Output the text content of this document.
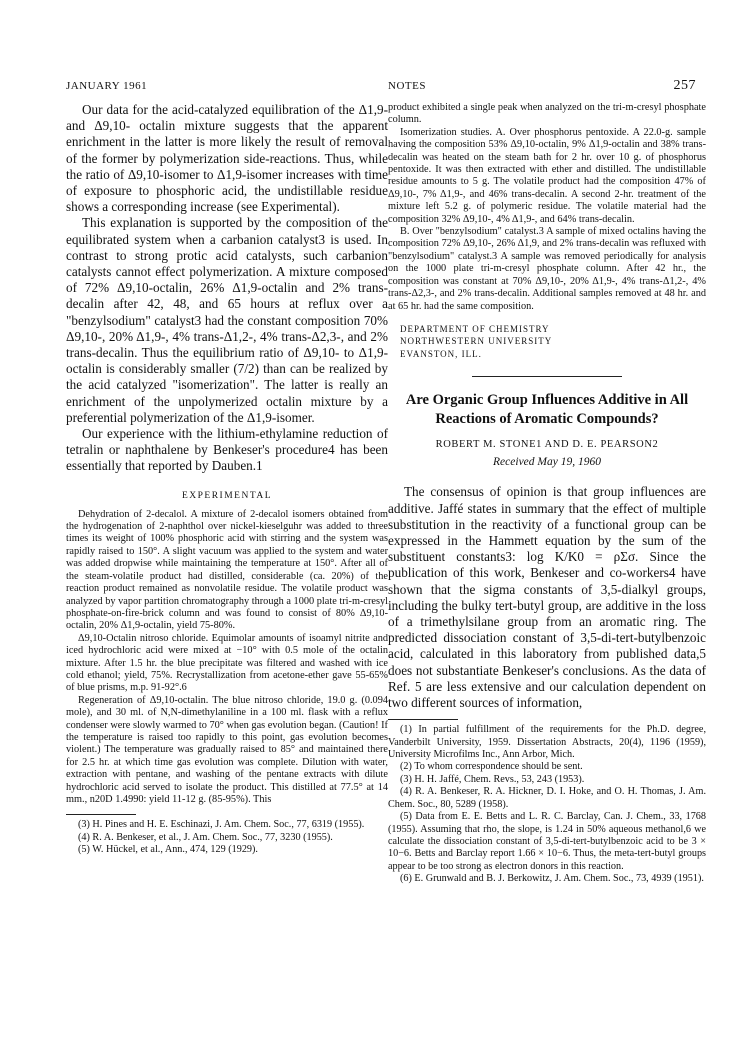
JANUARY 1961	NOTES	257

Our data for the acid-catalyzed equilibration of the Δ1,9- and Δ9,10- octalin mixture suggests that the apparent enrichment in the latter is more likely the result of removal of the former by polymerization side-reactions. Thus, while the ratio of Δ9,10-isomer to Δ1,9-isomer increases with time of exposure to phosphoric acid, the undistillable residue shows a corresponding increase (see Experimental).

This explanation is supported by the composition of the equilibrated system when a carbanion catalyst3 is used. In contrast to strong protic acid catalysts, such carbanion catalysts cannot effect polymerization. A mixture composed of 72% Δ9,10-octalin, 26% Δ1,9-octalin and 2% trans-decalin after 42, 48, and 65 hours at reflux over a "benzylsodium" catalyst3 had the constant composition 70% Δ9,10-, 20% Δ1,9-, 4% trans-Δ1,2-, 4% trans-Δ2,3-, and 2% trans-decalin. Thus the equilibrium ratio of Δ9,10- to Δ1,9-octalin is considerably smaller (7/2) than can be realized by the acid catalyzed "isomerization". The latter is really an enrichment of the unpolymerized octalin mixture by a preferential polymerization of the Δ1,9-isomer.

Our experience with the lithium-ethylamine reduction of tetralin or naphthalene by Benkeser's procedure4 has been essentially that reported by Dauben.1

EXPERIMENTAL

Dehydration of 2-decalol. A mixture of 2-decalol isomers obtained from the hydrogenation of 2-naphthol over nickel-kieselguhr was added to three times its weight of 100% phosphoric acid with stirring and the system was rapidly raised to 150°. A slight vacuum was applied to the system and water was added dropwise while maintaining the temperature at 150°. After all of the steam-volatile product had distilled, considerable (ca. 20%) of the reaction product remained as nonvolatile residue. The volatile product was analyzed by vapor partition chromatography through a 1000 plate tri-m-cresyl phosphate-on-fire-brick column and was found to consist of 80% Δ9,10-octalin, 20% Δ1,9-octalin, yield 75-80%.

Δ9,10-Octalin nitroso chloride. Equimolar amounts of isoamyl nitrite and iced hydrochloric acid were mixed at −10° with 0.5 mole of the octalin mixture. After 1.5 hr. the blue precipitate was filtered and washed with ice cold ethanol; yield, 75%. Recrystallization from acetone-ether gave 55-65% of blue prisms, m.p. 91-92°.6

Regeneration of Δ9,10-octalin. The blue nitroso chloride, 19.0 g. (0.094 mole), and 30 ml. of N,N-dimethylaniline in a 100 ml. flask with a reflux condenser were slowly warmed to 70° when gas evolution began. (Caution! If the temperature is raised too rapidly to this point, gas evolution becomes violent.) The temperature was gradually raised to 85° and maintained there for 2.5 hr. at which time gas evolution was complete. Dilution with water, extraction with pentane, and washing of the pentane extracts with dilute hydrochloric acid served to isolate the product. This distilled at 77.5° at 14 mm., n20D 1.4990: yield 11-12 g. (85-95%). This

(3) H. Pines and H. E. Eschinazi, J. Am. Chem. Soc., 77, 6319 (1955).

(4) R. A. Benkeser, et al., J. Am. Chem. Soc., 77, 3230 (1955).

(5) W. Hückel, et al., Ann., 474, 129 (1929).

product exhibited a single peak when analyzed on the tri-m-cresyl phosphate column.

Isomerization studies. A. Over phosphorus pentoxide. A 22.0-g. sample having the composition 53% Δ9,10-octalin, 9% Δ1,9-octalin and 38% trans-decalin was heated on the steam bath for 2 hr. over 10 g. of phosphorus pentoxide. It was then extracted with ether and distilled. The undistillable residue amounts to 5 g. The volatile product had the composition 47% of Δ9,10-, 7% Δ1,9-, and 46% trans-decalin. A second 2-hr. treatment of the mixture left 5.2 g. of polymeric residue. The volatile material had the composition 32% Δ9,10-, 4% Δ1,9-, and 64% trans-decalin.

B. Over "benzylsodium" catalyst.3 A sample of mixed octalins having the composition 72% Δ9,10-, 26% Δ1,9, and 2% trans-decalin was refluxed with "benzylsodium" catalyst.3 A sample was removed periodically for analysis on the 1000 plate tri-m-cresyl phosphate column. After 42 hr., the composition was constant at 70% Δ9,10-, 20% Δ1,9-, 4% trans-Δ1,2-, 4% trans-Δ2,3-, and 2% trans-decalin. Additional samples removed at 48 hr. and at 65 hr. had the same composition.

DEPARTMENT OF CHEMISTRY
NORTHWESTERN UNIVERSITY
EVANSTON, ILL.
Are Organic Group Influences Additive in All Reactions of Aromatic Compounds?
ROBERT M. STONE1 AND D. E. PEARSON2
Received May 19, 1960

The consensus of opinion is that group influences are additive. Jaffé states in summary that the effect of multiple substitution in the reactivity of a functional group can be expressed in the Hammett equation by the sum of the substituent constants3: log K/K0 = ρΣσ. Since the publication of this work, Benkeser and co-workers4 have shown that the sigma constants of 3,5-dialkyl groups, including the bulky tert-butyl group, are additive in the loss of a trimethylsilane group from an aromatic ring. The predicted dissociation constant of 3,5-di-tert-butylbenzoic acid, calculated in this laboratory from published data,5 does not substantiate Benkeser's conclusions. As the data of Ref. 5 are less extensive and our calculation dependent on two different sources of information,

(1) In partial fulfillment of the requirements for the Ph.D. degree, Vanderbilt University, 1959. Dissertation Abstracts, 20(4), 1196 (1959), University Microfilms Inc., Ann Arbor, Mich.

(2) To whom correspondence should be sent.

(3) H. H. Jaffé, Chem. Revs., 53, 243 (1953).

(4) R. A. Benkeser, R. A. Hickner, D. I. Hoke, and O. H. Thomas, J. Am. Chem. Soc., 80, 5289 (1958).

(5) Data from E. E. Betts and L. R. C. Barclay, Can. J. Chem., 33, 1768 (1955). Assuming that rho, the slope, is 1.24 in 50% aqueous methanol,6 we calculate the dissociation constant of 3,5-di-tert-butylbenzoic acid to be 3 × 10−6. Betts and Barclay report 1.66 × 10−6. Thus, the meta-tert-butyl groups appear to be too strong as electron donors in this reaction.

(6) E. Grunwald and B. J. Berkowitz, J. Am. Chem. Soc., 73, 4939 (1951).
